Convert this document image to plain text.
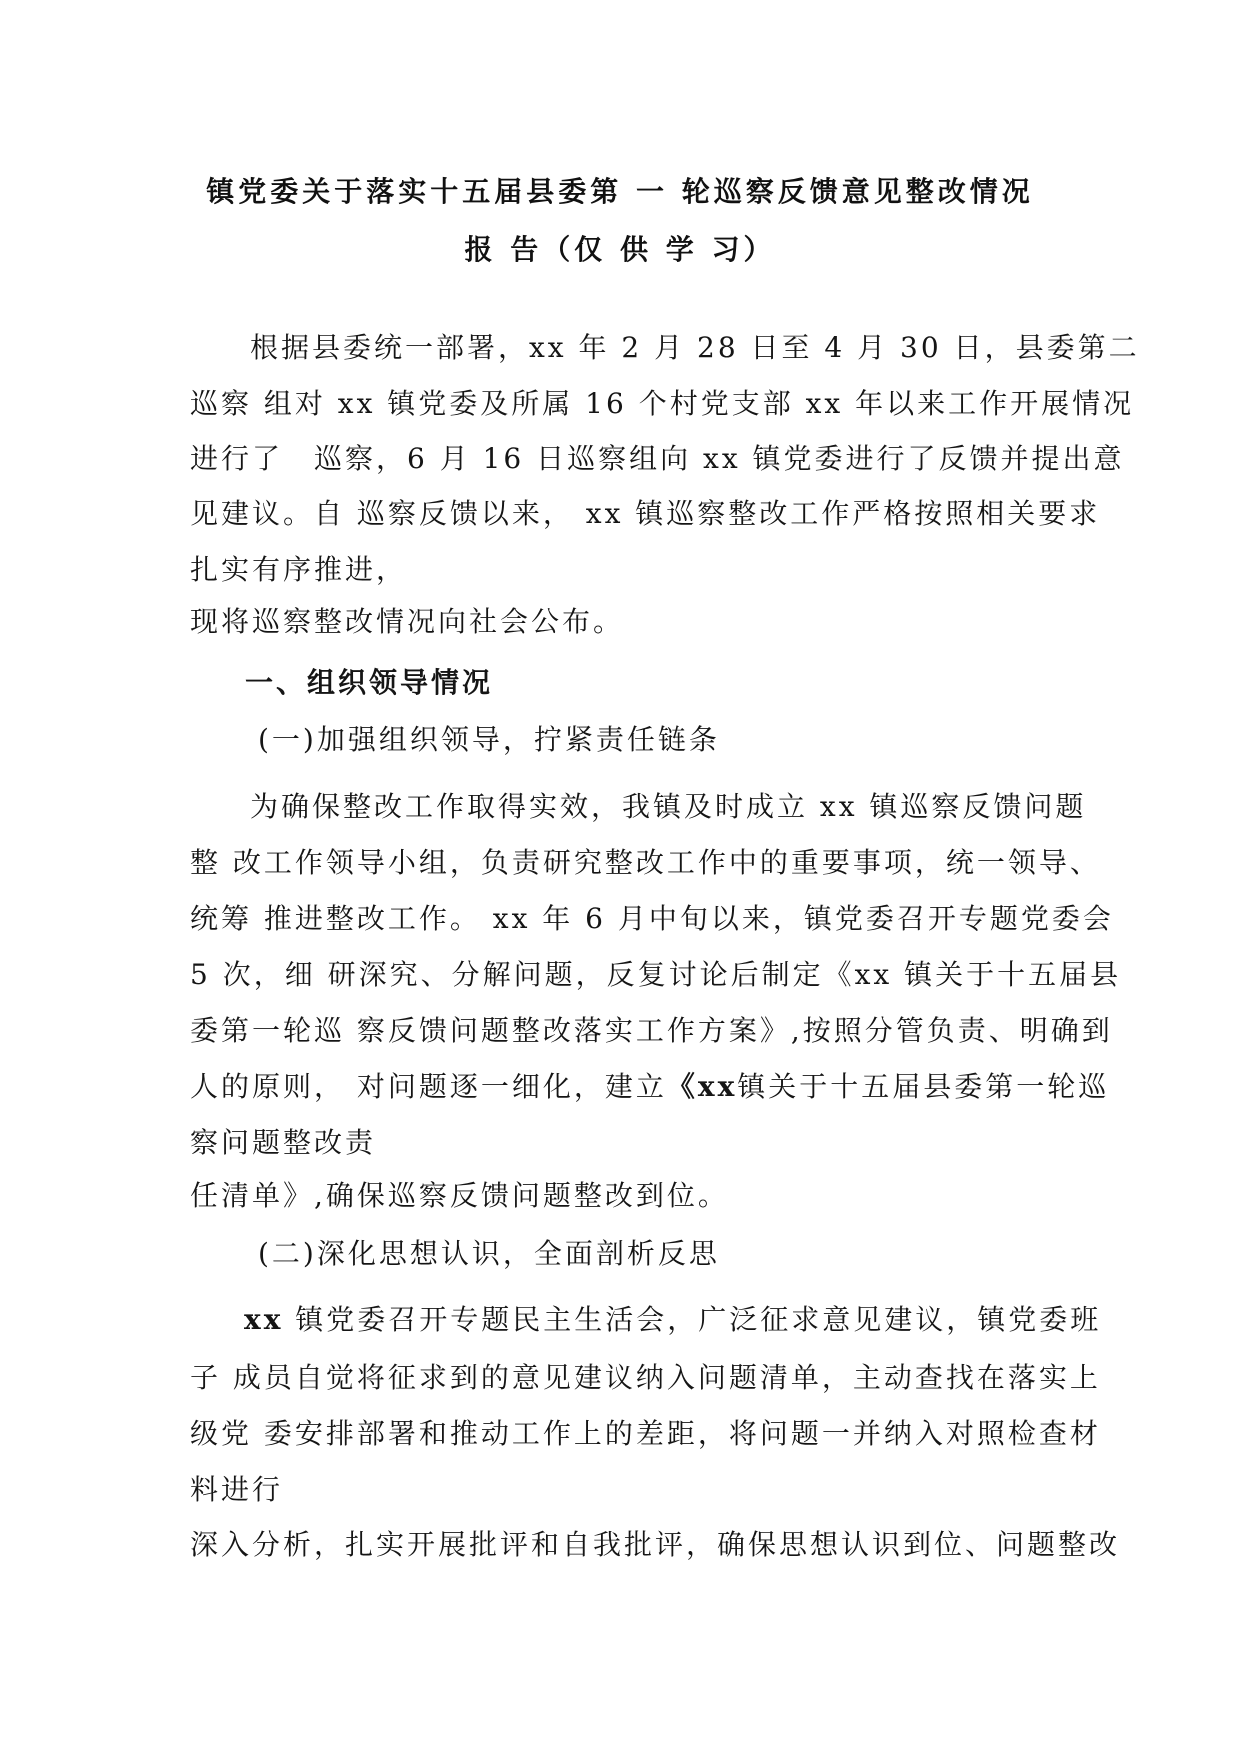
镇党委关于落实十五届县委第 一 轮巡察反馈意见整改情况
报 告（仅 供 学 习）
根据县委统一部署，xx 年 2 月 28 日至 4 月 30 日，县委第二
巡察 组对 xx 镇党委及所属 16 个村党支部 xx 年以来工作开展情况
进行了　巡察，6 月 16 日巡察组向 xx 镇党委进行了反馈并提出意
见建议。自 巡察反馈以来， xx 镇巡察整改工作严格按照相关要求
扎实有序推进，
现将巡察整改情况向社会公布。
一、组织领导情况
(一)加强组织领导，拧紧责任链条
为确保整改工作取得实效，我镇及时成立 xx 镇巡察反馈问题
整 改工作领导小组，负责研究整改工作中的重要事项，统一领导、
统筹 推进整改工作。 xx 年 6 月中旬以来，镇党委召开专题党委会
5 次，细 研深究、分解问题，反复讨论后制定《xx 镇关于十五届县
委第一轮巡 察反馈问题整改落实工作方案》,按照分管负责、明确到
人的原则， 对问题逐一细化，建立《xx镇关于十五届县委第一轮巡
察问题整改责
任清单》,确保巡察反馈问题整改到位。
(二)深化思想认识，全面剖析反思
xx 镇党委召开专题民主生活会，广泛征求意见建议，镇党委班
子 成员自觉将征求到的意见建议纳入问题清单，主动查找在落实上
级党 委安排部署和推动工作上的差距，将问题一并纳入对照检查材
料进行
深入分析，扎实开展批评和自我批评，确保思想认识到位、问题整改
